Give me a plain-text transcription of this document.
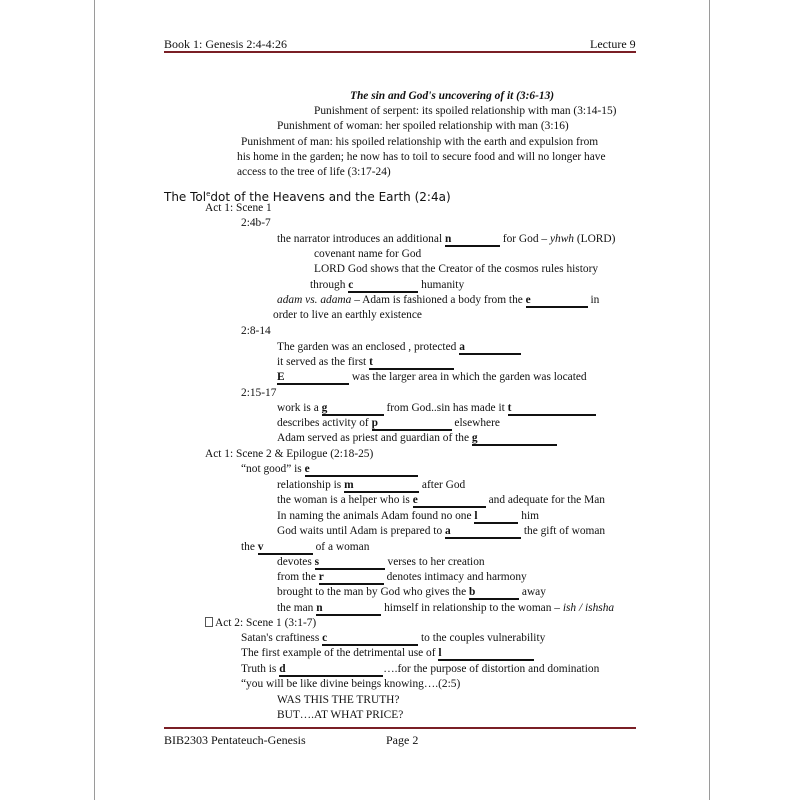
Book 1: Genesis 2:4-4:26	Lecture 9
The sin and God's uncovering of it (3:6-13)
Punishment of serpent: its spoiled relationship with man (3:14-15)
Punishment of woman: her spoiled relationship with man (3:16)
Punishment of man: his spoiled relationship with the earth and expulsion from
his home in the garden; he now has to toil to secure food and will no longer have
access to the tree of life (3:17-24)
The Tol$^e$dot of the Heavens and the Earth (2:4a)
Act 1: Scene 1
2:4b-7
the narrator introduces an additional n	for God – yhwh (LORD)
covenant name for God
LORD God shows that the Creator of the cosmos rules history
through c	humanity
adam vs. adama – Adam is fashioned a body from the e	in
order to live an earthly existence
2:8-14
The garden was an enclosed , protected a
it served as the first t
E	was the larger area in which the garden was located
2:15-17
work is a g	from God..sin has made it t
describes activity of p	elsewhere
Adam served as priest and guardian of the g
Act 1: Scene 2 & Epilogue (2:18-25)
“not good” is e
relationship is m	after God
the woman is a helper who is e	and adequate for the Man
In naming the animals Adam found no one l	him
God waits until Adam is prepared to a	the gift of woman
the v	of a woman
devotes s	verses to her creation
from the r	denotes intimacy and harmony
brought to the man by God who gives the b	away
the man n	himself in relationship to the woman – ish / ishsha
Act 2: Scene 1 (3:1-7)
Satan's craftiness c	to the couples vulnerability
The first example of the detrimental use of l
Truth is d	….for the purpose of distortion and domination
“you will be like divine beings knowing….(2:5)
WAS THIS THE TRUTH?
BUT….AT WHAT PRICE?
BIB2303 Pentateuch-Genesis	Page 2
